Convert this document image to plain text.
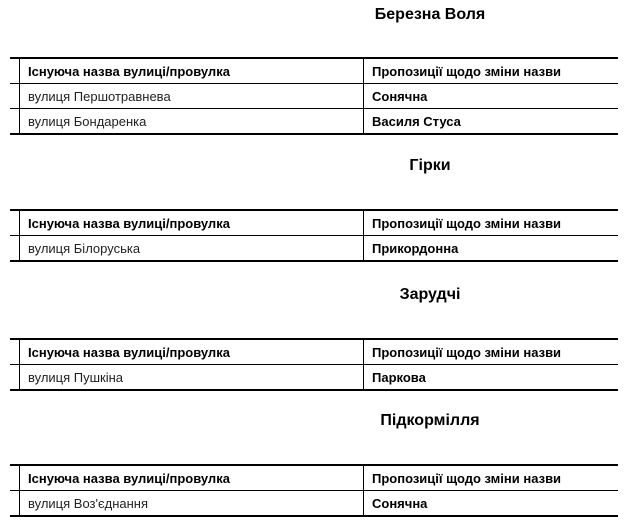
Березна Воля
	Існуюча назва вулиці/провулка	Пропозиції щодо зміни назви
	вулиця Першотравнева	Сонячна
	вулиця Бондаренка	Василя Стуса
Гірки
	Існуюча назва вулиці/провулка	Пропозиції щодо зміни назви
	вулиця Білоруська	Прикордонна
Зарудчі
	Існуюча назва вулиці/провулка	Пропозиції щодо зміни назви
	вулиця Пушкіна	Паркова
Підкормілля
	Існуюча назва вулиці/провулка	Пропозиції щодо зміни назви
	вулиця Воз'єднання	Сонячна
